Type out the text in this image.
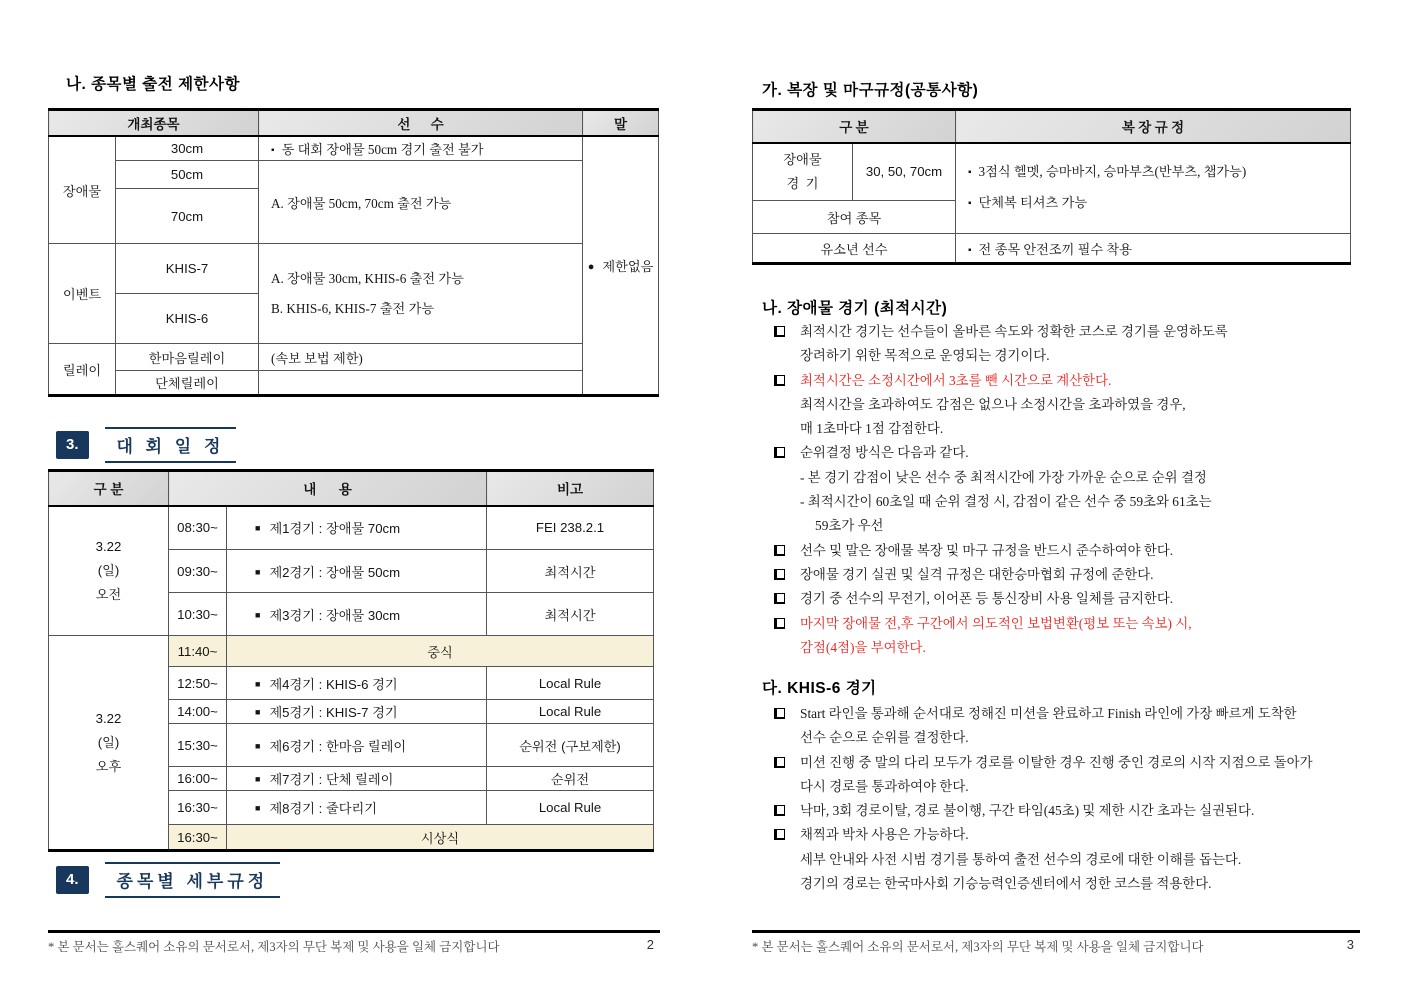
나. 종목별 출전 제한사항
개최종목		선      수	말
장애물	30cm	▪ 동 대회 장애물 50cm 경기 출전 불가	● 제한없음
	50cm	A. 장애물 50cm, 70cm 출전 가능	
	70cm		
이벤트	KHIS-7	A. 장애물 30cm, KHIS-6 출전 가능
B. KHIS-6, KHIS-7 출전 가능	

	KHIS-6		
릴레이	한마음릴레이	(속보 보법 제한)	
	단체릴레이		
3.	대 회 일 정
구 분	내      용		비고

3.22
(일)
오전	08:30~	■ 제1경기 : 장애물 70cm	FEI 238.2.1
	09:30~	■ 제2경기 : 장애물 50cm	최적시간
	10:30~	■ 제3경기 : 장애물 30cm	최적시간

3.22
(일)
오후	11:40~	중식	
	12:50~	■ 제4경기 : KHIS-6 경기	Local Rule
	14:00~	■ 제5경기 : KHIS-7 경기	Local Rule
	15:30~	■ 제6경기 : 한마음 릴레이	순위전 (구보제한)
	16:00~	■ 제7경기 : 단체 릴레이	순위전
	16:30~	■ 제8경기 : 줄다리기	Local Rule
	16:30~	시상식	
4.	종목별 세부규정
* 본 문서는 홀스퀘어 소유의 문서로서, 제3자의 무단 복제 및 사용을 일체 금지합니다	2
가. 복장 및 마구규정(공통사항)
구 분		복 장 규 정

장애물
경  기	30, 50, 70cm	▪ 3점식 헬멧, 승마바지, 승마부츠(반부츠, 챕가능)
▪ 단체복 티셔츠 가능

참여 종목		
유소년 선수		▪ 전 종목 안전조끼 필수 착용
나. 장애물 경기 (최적시간)
최적시간 경기는 선수들이 올바른 속도와 정확한 코스로 경기를 운영하도록
장려하기 위한 목적으로 운영되는 경기이다.
최적시간은 소정시간에서 3초를 뺀 시간으로 계산한다.
최적시간을 초과하여도 감점은 없으나 소정시간을 초과하였을 경우,
매 1초마다 1점 감점한다.
순위결정 방식은 다음과 같다.
- 본 경기 감점이 낮은 선수 중 최적시간에 가장 가까운 순으로 순위 결정
- 최적시간이 60초일 때 순위 결정 시, 감점이 같은 선수 중 59초와 61초는
59초가 우선
선수 및 말은 장애물 복장 및 마구 규정을 반드시 준수하여야 한다.
장애물 경기 실권 및 실격 규정은 대한승마협회 규정에 준한다.
경기 중 선수의 무전기, 이어폰 등 통신장비 사용 일체를 금지한다.
마지막 장애물 전,후 구간에서 의도적인 보법변환(평보 또는 속보) 시,
감점(4점)을 부여한다.
다. KHIS-6 경기
Start 라인을 통과해 순서대로 정해진 미션을 완료하고 Finish 라인에 가장 빠르게 도착한
선수 순으로 순위를 결정한다.
미션 진행 중 말의 다리 모두가 경로를 이탈한 경우 진행 중인 경로의 시작 지점으로 돌아가
다시 경로를 통과하여야 한다.
낙마, 3회 경로이탈, 경로 불이행, 구간 타임(45초) 및 제한 시간 초과는 실권된다.
채찍과 박차 사용은 가능하다.
세부 안내와 사전 시범 경기를 통하여 출전 선수의 경로에 대한 이해를 돕는다.
경기의 경로는 한국마사회 기승능력인증센터에서 정한 코스를 적용한다.
* 본 문서는 홀스퀘어 소유의 문서로서, 제3자의 무단 복제 및 사용을 일체 금지합니다	3
